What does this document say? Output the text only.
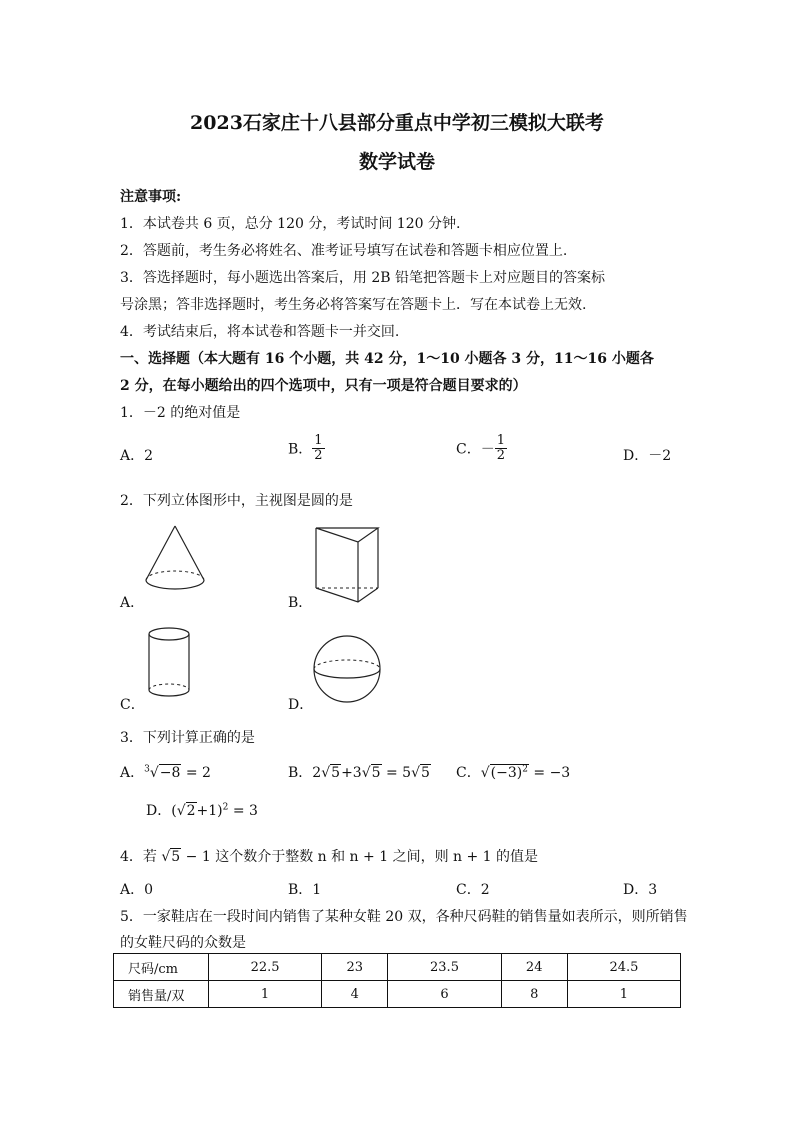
2023石家庄十八县部分重点中学初三模拟大联考
数学试卷
注意事项:
1．本试卷共 6 页，总分 120 分，考试时间 120 分钟.
2．答题前，考生务必将姓名、准考证号填写在试卷和答题卡相应位置上.
3．答选择题时，每小题选出答案后，用 2B 铅笔把答题卡上对应题目的答案标
号涂黑；答非选择题时，考生务必将答案写在答题卡上．写在本试卷上无效.
4．考试结束后，将本试卷和答题卡一并交回.
一、选择题（本大题有 16 个小题，共 42 分，1～10 小题各 3 分，11～16 小题各
2 分，在每小题给出的四个选项中，只有一项是符合题目要求的）
1．－2 的绝对值是
A．2	B． $\frac{1}{2}$	C．－ $\frac{1}{2}$	D．－2
2．下列立体图形中，主视图是圆的是
A．	B．
C．	D．
3．下列计算正确的是
A．$^3$√−8 = 2	B．2√5+3√5 = 5√5 C．$√(-3)^2 = -3$
D．$(√2+1)^2 = 3$
4．若 √5 − 1 这个数介于整数 n 和 n + 1 之间，则 n + 1 的值是
A．0	B．1	C．2	D．3
5．一家鞋店在一段时间内销售了某种女鞋 20 双，各种尺码鞋的销售量如表所示，则所销售
的女鞋尺码的众数是
尺码/cm	22.5	23	23.5	24	24.5
销售量/双	1	4	6	8	1
